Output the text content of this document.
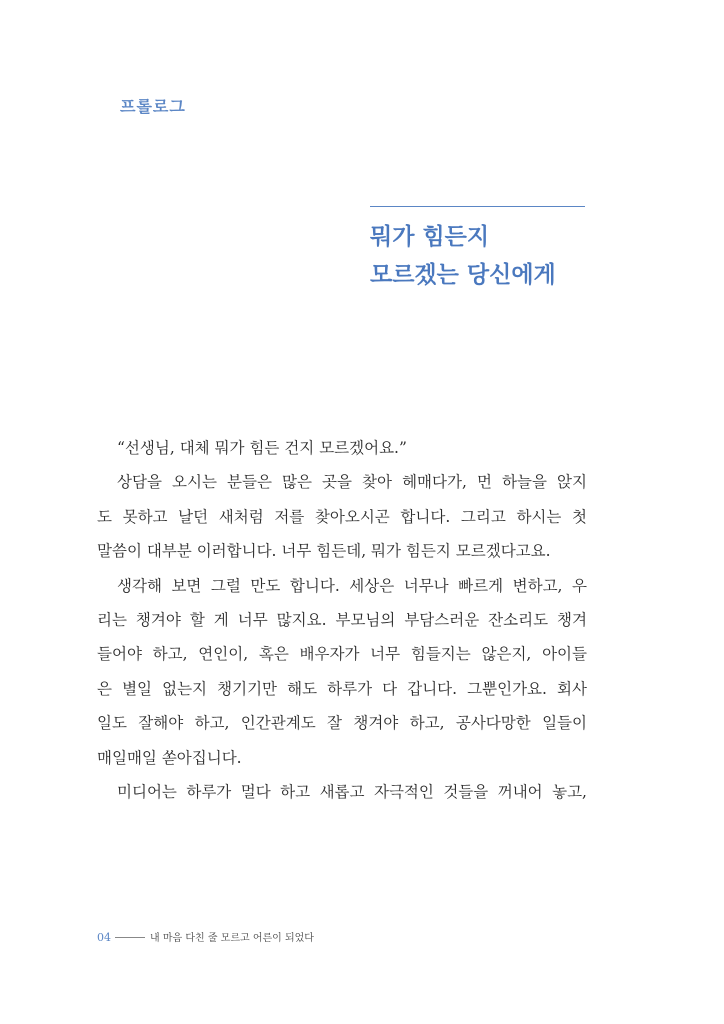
프롤로그
뭐가 힘든지
모르겠는 당신에게
“선생님, 대체 뭐가 힘든 건지 모르겠어요.”
상담을 오시는 분들은 많은 곳을 찾아 헤매다가, 먼 하늘을 앉지
도 못하고 날던 새처럼 저를 찾아오시곤 합니다. 그리고 하시는 첫
말씀이 대부분 이러합니다. 너무 힘든데, 뭐가 힘든지 모르겠다고요.
생각해 보면 그럴 만도 합니다. 세상은 너무나 빠르게 변하고, 우
리는 챙겨야 할 게 너무 많지요. 부모님의 부담스러운 잔소리도 챙겨
들어야 하고, 연인이, 혹은 배우자가 너무 힘들지는 않은지, 아이들
은 별일 없는지 챙기기만 해도 하루가 다 갑니다. 그뿐인가요. 회사
일도 잘해야 하고, 인간관계도 잘 챙겨야 하고, 공사다망한 일들이
매일매일 쏟아집니다.
미디어는 하루가 멀다 하고 새롭고 자극적인 것들을 꺼내어 놓고,
04	내 마음 다친 줄 모르고 어른이 되었다
